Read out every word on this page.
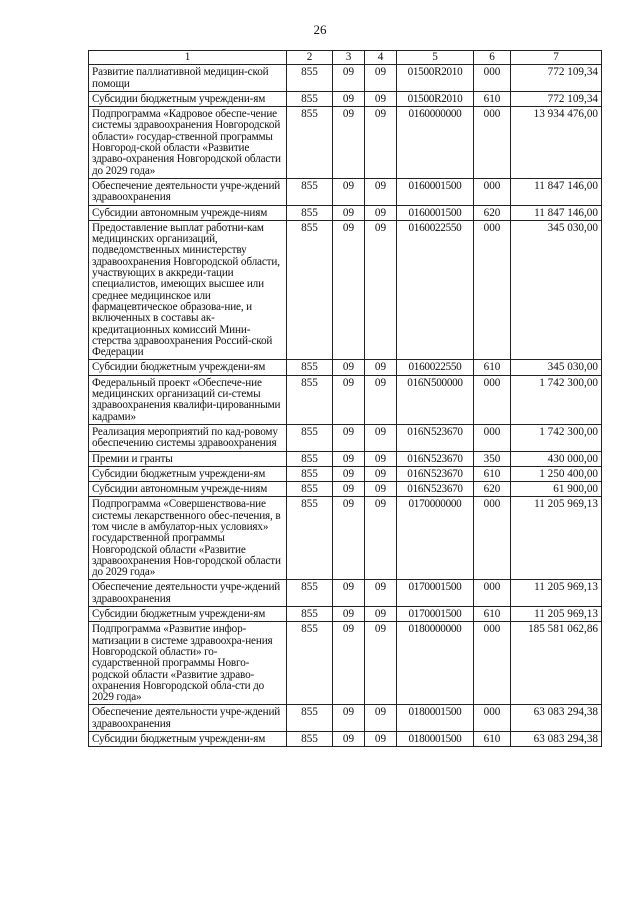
26
1	2	3	4	5	6	7
Развитие паллиативной медицин-ской помощи	855	09	09	01500R2010	000	772 109,34
Субсидии бюджетным учреждени-ям	855	09	09	01500R2010	610	772 109,34
Подпрограмма «Кадровое обеспе-чение системы здравоохранения Новгородской области» государ-ственной программы Новгород-ской области «Развитие здраво-охранения Новгородской области до 2029 года»	855	09	09	0160000000	000	13 934 476,00
Обеспечение деятельности учре-ждений здравоохранения	855	09	09	0160001500	000	11 847 146,00
Субсидии автономным учрежде-ниям	855	09	09	0160001500	620	11 847 146,00
Предоставление выплат работни-кам медицинских организаций, подведомственных министерству здравоохранения Новгородской области, участвующих в аккреди-тации специалистов, имеющих высшее или среднее медицинское или фармацевтическое образова-ние, и включенных в составы ак-кредитационных комиссий Мини-стерства здравоохранения Россий-ской Федерации	855	09	09	0160022550	000	345 030,00
Субсидии бюджетным учреждени-ям	855	09	09	0160022550	610	345 030,00
Федеральный проект «Обеспече-ние медицинских организаций си-стемы здравоохранения квалифи-цированными кадрами»	855	09	09	016N500000	000	1 742 300,00
Реализация мероприятий по кад-ровому обеспечению системы здравоохранения	855	09	09	016N523670	000	1 742 300,00
Премии и гранты	855	09	09	016N523670	350	430 000,00
Субсидии бюджетным учреждени-ям	855	09	09	016N523670	610	1 250 400,00
Субсидии автономным учрежде-ниям	855	09	09	016N523670	620	61 900,00
Подпрограмма «Совершенствова-ние системы лекарственного обес-печения, в том числе в амбулатор-ных условиях» государственной программы Новгородской области «Развитие здравоохранения Нов-городской области до 2029 года»	855	09	09	0170000000	000	11 205 969,13
Обеспечение деятельности учре-ждений здравоохранения	855	09	09	0170001500	000	11 205 969,13
Субсидии бюджетным учреждени-ям	855	09	09	0170001500	610	11 205 969,13
Подпрограмма «Развитие инфор-матизации в системе здравоохра-нения Новгородской области» го-сударственной программы Новго-родской области «Развитие здраво-охранения Новгородской обла-сти до 2029 года»	855	09	09	0180000000	000	185 581 062,86
Обеспечение деятельности учре-ждений здравоохранения	855	09	09	0180001500	000	63 083 294,38
Субсидии бюджетным учреждени-ям	855	09	09	0180001500	610	63 083 294,38
